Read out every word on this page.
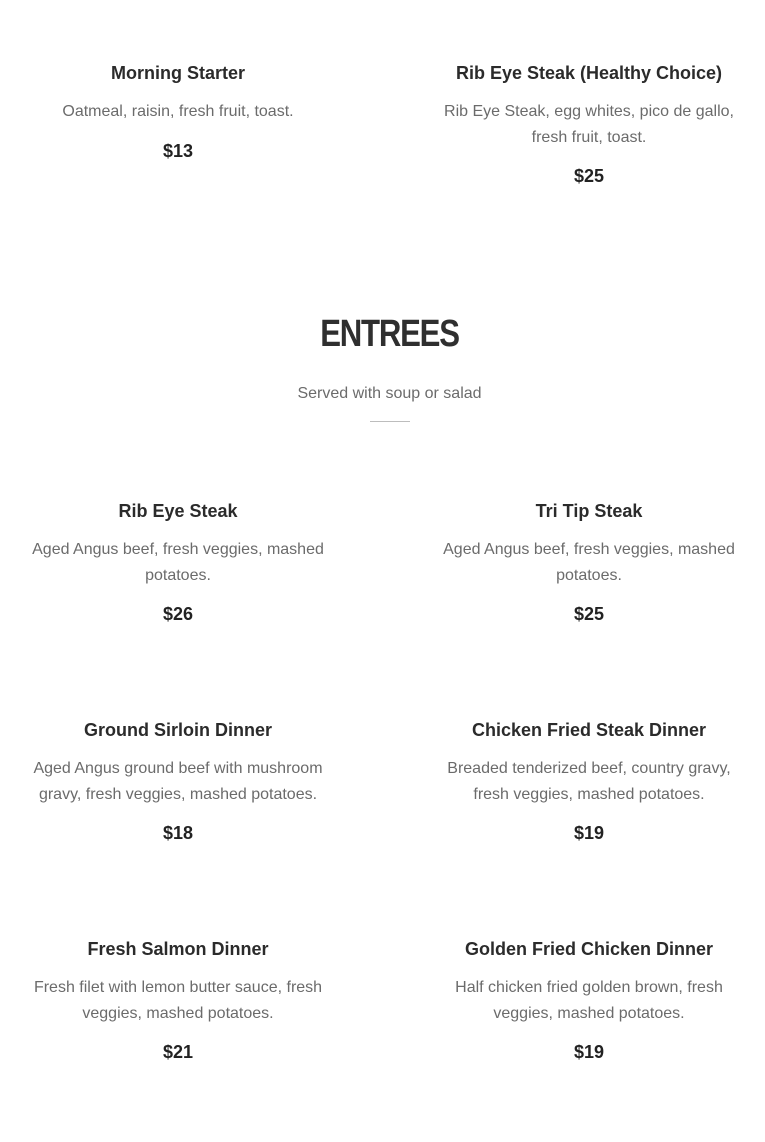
Morning Starter
Oatmeal, raisin, fresh fruit, toast.
$13
Rib Eye Steak (Healthy Choice)
Rib Eye Steak, egg whites, pico de gallo, fresh fruit, toast.
$25
ENTREES
Served with soup or salad
Rib Eye Steak
Aged Angus beef, fresh veggies, mashed potatoes.
$26
Tri Tip Steak
Aged Angus beef, fresh veggies, mashed potatoes.
$25
Ground Sirloin Dinner
Aged Angus ground beef with mushroom gravy, fresh veggies, mashed potatoes.
$18
Chicken Fried Steak Dinner
Breaded tenderized beef, country gravy, fresh veggies, mashed potatoes.
$19
Fresh Salmon Dinner
Fresh filet with lemon butter sauce, fresh veggies, mashed potatoes.
$21
Golden Fried Chicken Dinner
Half chicken fried golden brown, fresh veggies, mashed potatoes.
$19
